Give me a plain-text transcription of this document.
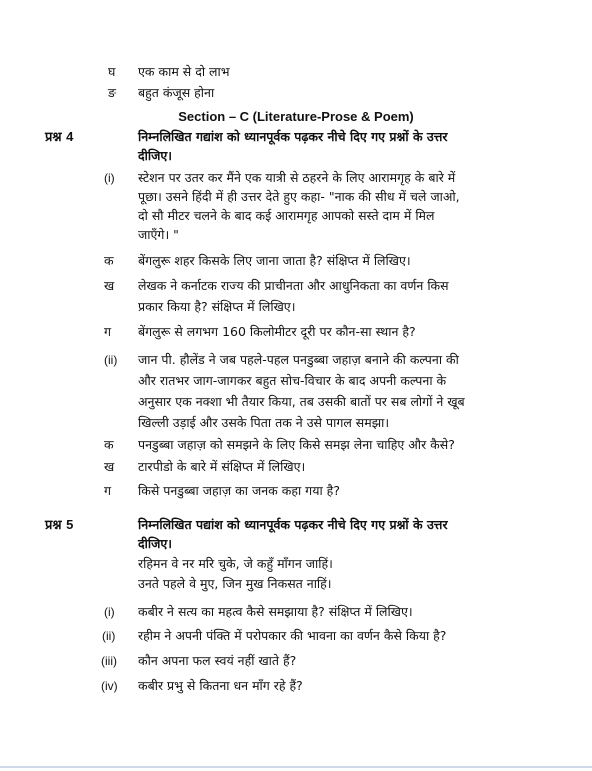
घ एक काम से दो लाभ
ङ बहुत कंजूस होना
Section – C (Literature-Prose & Poem)
प्रश्न 4	निम्नलिखित गद्यांश को ध्यानपूर्वक पढ़कर नीचे दिए गए प्रश्नों के उत्तर
दीजिए।
(i) स्टेशन पर उतर कर मैंने एक यात्री से ठहरने के लिए आरामगृह के बारे में
पूछा। उसने हिंदी में ही उत्तर देते हुए कहा- "नाक की सीध में चले जाओ,
दो सौ मीटर चलने के बाद कई आरामगृह आपको सस्ते दाम में मिल
जाएँगे। "
क बेंगलुरू शहर किसके लिए जाना जाता है? संक्षिप्त में लिखिए।
ख लेखक ने कर्नाटक राज्य की प्राचीनता और आधुनिकता का वर्णन किस
प्रकार किया है? संक्षिप्त में लिखिए।
ग बेंगलुरू से लगभग 160 किलोमीटर दूरी पर कौन-सा स्थान है?
(ii) जान पी. हौलेंड ने जब पहले-पहल पनडुब्बा जहाज़ बनाने की कल्पना की
और रातभर जाग-जागकर बहुत सोच-विचार के बाद अपनी कल्पना के
अनुसार एक नक्शा भी तैयार किया, तब उसकी बातों पर सब लोगों ने खूब
खिल्ली उड़ाई और उसके पिता तक ने उसे पागल समझा।
क पनडुब्बा जहाज़ को समझने के लिए किसे समझ लेना चाहिए और कैसे?
ख टारपीडो के बारे में संक्षिप्त में लिखिए।
ग किसे पनडुब्बा जहाज़ का जनक कहा गया है?
प्रश्न 5	निम्नलिखित पद्यांश को ध्यानपूर्वक पढ़कर नीचे दिए गए प्रश्नों के उत्तर
दीजिए।
रहिमन वे नर मरि चुके, जे कहुँ माँगन जाहिं।
उनते पहले वे मुए, जिन मुख निकसत नाहिं।
(i) कबीर ने सत्य का महत्व कैसे समझाया है? संक्षिप्त में लिखिए।
(ii) रहीम ने अपनी पंक्ति में परोपकार की भावना का वर्णन कैसे किया है?
(iii) कौन अपना फल स्वयं नहीं खाते हैं?
(iv) कबीर प्रभु से कितना धन माँग रहे हैं?
